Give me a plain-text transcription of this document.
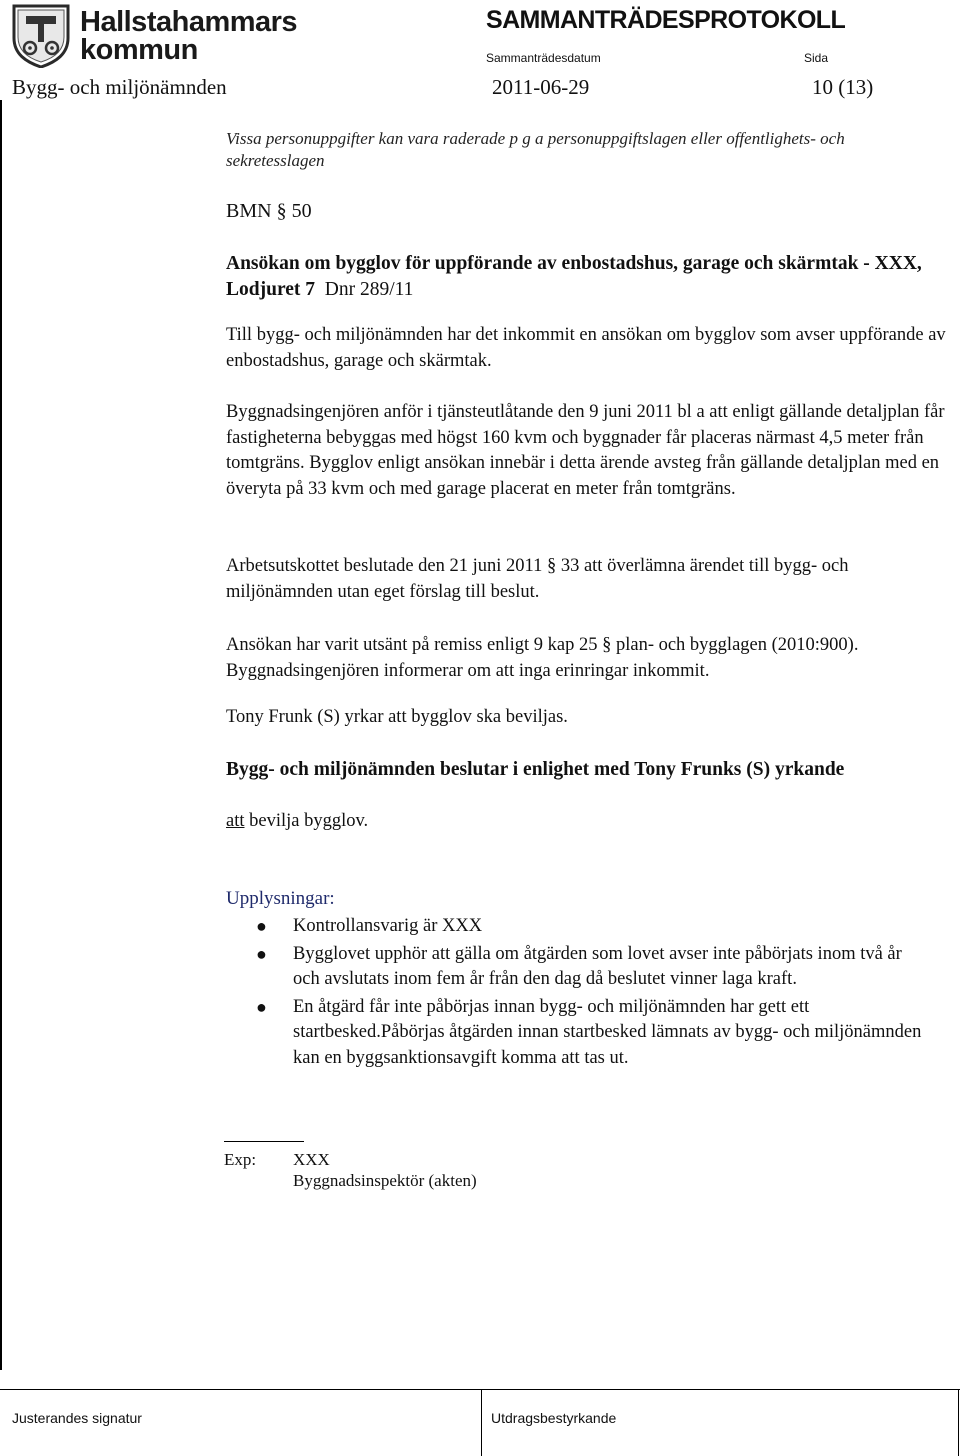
Hallstahammars
kommun
SAMMANTRÄDESPROTOKOLL
Sammanträdesdatum	Sida
Bygg- och miljönämnden	2011-06-29	10 (13)

Vissa personuppgifter kan vara raderade p g a personuppgiftslagen eller offentlighets- och sekretesslagen

BMN § 50

Ansökan om bygglov för uppförande av enbostadshus, garage och skärmtak - XXX, Lodjuret 7 Dnr 289/11

Till bygg- och miljönämnden har det inkommit en ansökan om bygglov som avser uppförande av enbostadshus, garage och skärmtak.

Byggnadsingenjören anför i tjänsteutlåtande den 9 juni 2011 bl a att enligt gällande detaljplan får fastigheterna bebyggas med högst 160 kvm och byggnader får placeras närmast 4,5 meter från tomtgräns. Bygglov enligt ansökan innebär i detta ärende avsteg från gällande detaljplan med en överyta på 33 kvm och med garage placerat en meter från tomtgräns.

Arbetsutskottet beslutade den 21 juni 2011 § 33 att överlämna ärendet till bygg- och miljönämnden utan eget förslag till beslut.

Ansökan har varit utsänt på remiss enligt 9 kap 25 § plan- och bygglagen (2010:900). Byggnadsingenjören informerar om att inga erinringar inkommit.

Tony Frunk (S) yrkar att bygglov ska beviljas.

Bygg- och miljönämnden beslutar i enlighet med Tony Frunks (S) yrkande

att bevilja bygglov.

Upplysningar:

● Kontrollansvarig är XXX
● Bygglovet upphör att gälla om åtgärden som lovet avser inte påbörjats inom två år och avslutats inom fem år från den dag då beslutet vinner laga kraft.
● En åtgärd får inte påbörjas innan bygg- och miljönämnden har gett ett startbesked.Påbörjas åtgärden innan startbesked lämnats av bygg- och miljönämnden kan en byggsanktionsavgift komma att tas ut.
Exp: XXX
Byggnadsinspektör (akten)
Justerandes signatur	Utdragsbestyrkande
